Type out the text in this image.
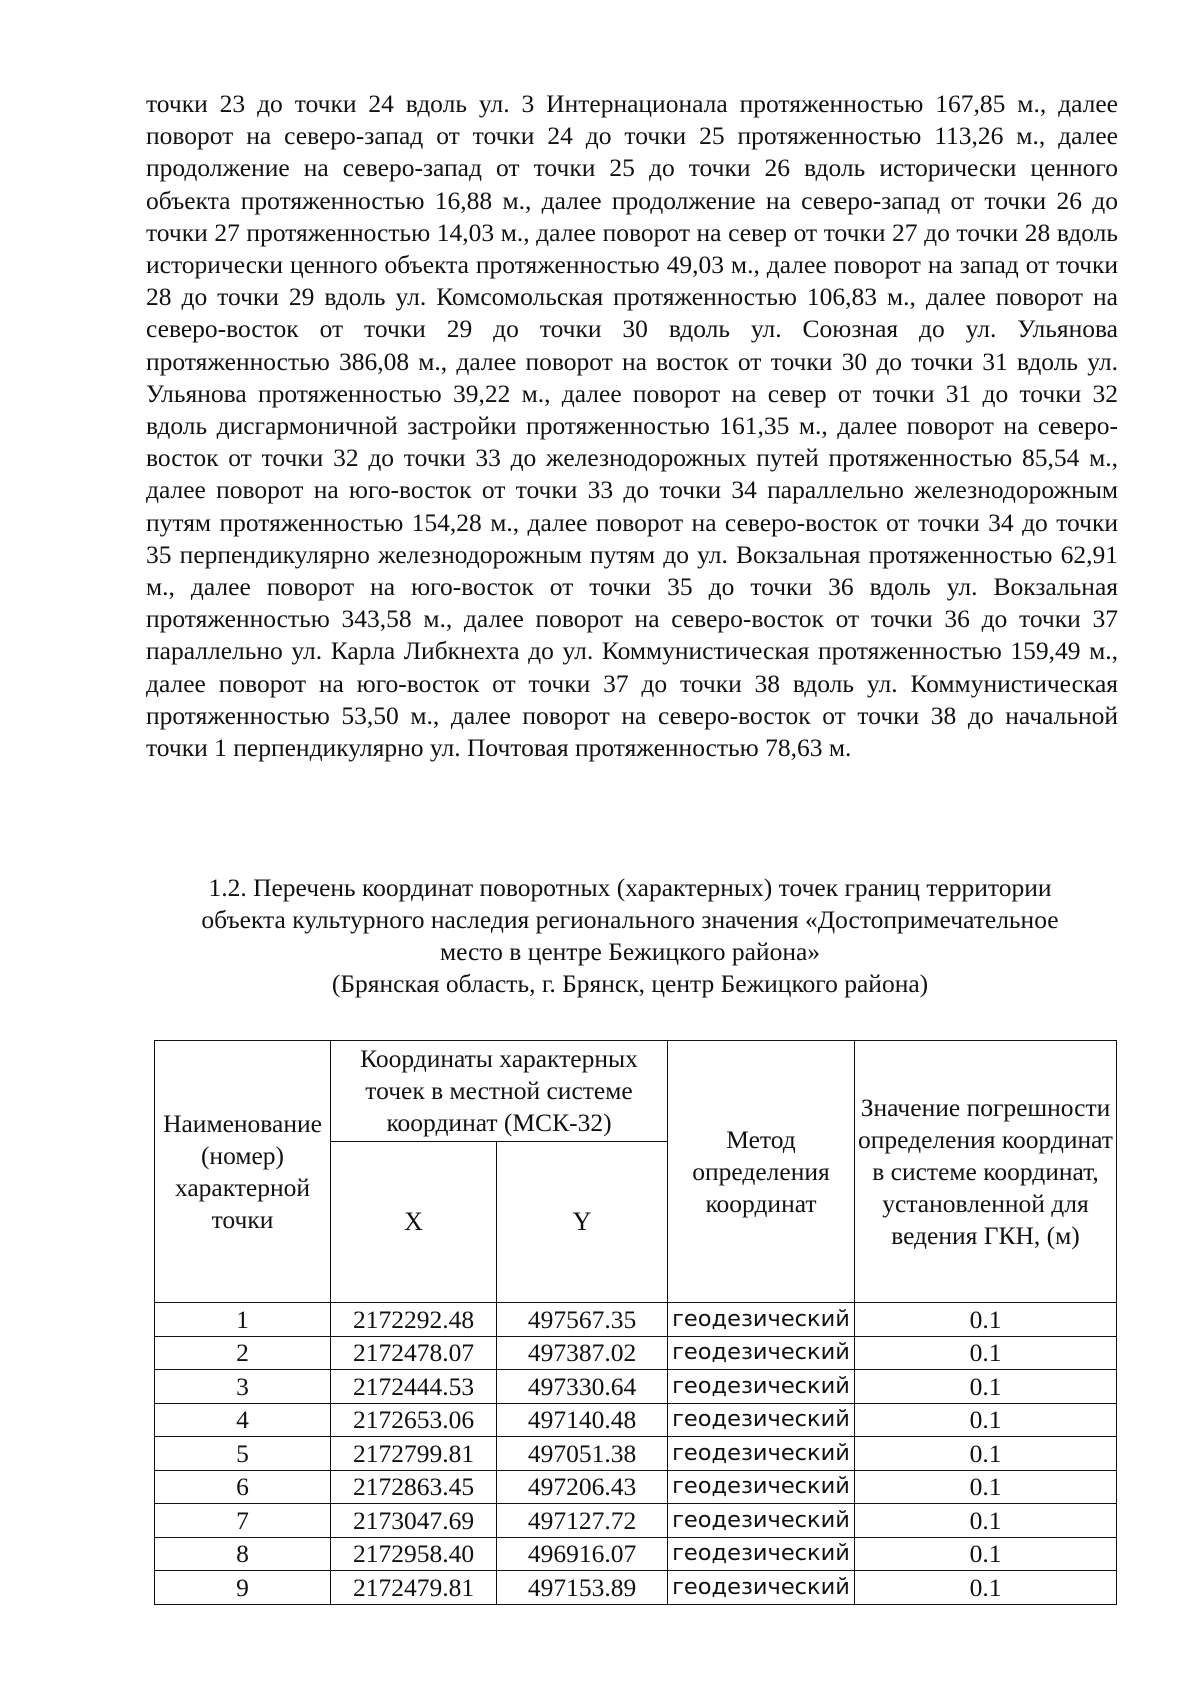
точки 23 до точки 24 вдоль ул. 3 Интернационала протяженностью 167,85 м., далее поворот на северо-запад от точки 24 до точки 25 протяженностью 113,26 м., далее продолжение на северо-запад от точки 25 до точки 26 вдоль исторически ценного объекта протяженностью 16,88 м., далее продолжение на северо-запад от точки 26 до точки 27 протяженностью 14,03 м., далее поворот на север от точки 27 до точки 28 вдоль исторически ценного объекта протяженностью 49,03 м., далее поворот на запад от точки 28 до точки 29 вдоль ул. Комсомольская протяженностью 106,83 м., далее поворот на северо-восток от точки 29 до точки 30 вдоль ул. Союзная до ул. Ульянова протяженностью 386,08 м., далее поворот на восток от точки 30 до точки 31 вдоль ул. Ульянова протяженностью 39,22 м., далее поворот на север от точки 31 до точки 32 вдоль дисгармоничной застройки протяженностью 161,35 м., далее поворот на северо-восток от точки 32 до точки 33 до железнодорожных путей протяженностью 85,54 м., далее поворот на юго-восток от точки 33 до точки 34 параллельно железнодорожным путям протяженностью 154,28 м., далее поворот на северо-восток от точки 34 до точки 35 перпендикулярно железнодорожным путям до ул. Вокзальная протяженностью 62,91 м., далее поворот на юго-восток от точки 35 до точки 36 вдоль ул. Вокзальная протяженностью 343,58 м., далее поворот на северо-восток от точки 36 до точки 37 параллельно ул. Карла Либкнехта до ул. Коммунистическая протяженностью 159,49 м., далее поворот на юго-восток от точки 37 до точки 38 вдоль ул. Коммунистическая протяженностью 53,50 м., далее поворот на северо-восток от точки 38 до начальной точки 1 перпендикулярно ул. Почтовая протяженностью 78,63 м.

1.2. Перечень координат поворотных (характерных) точек границ территории
объекта культурного наследия регионального значения «Достопримечательное
место в центре Бежицкого района»
(Брянская область, г. Брянск, центр Бежицкого района)
Наименование (номер) характерной точки	Координаты характерных точек в местной системе координат (МСК-32)		Метод определения координат	Значение погрешности определения координат в системе координат, установленной для ведения ГКН, (м)
	X	Y		
1	2172292.48	497567.35	геодезический	0.1
2	2172478.07	497387.02	геодезический	0.1
3	2172444.53	497330.64	геодезический	0.1
4	2172653.06	497140.48	геодезический	0.1
5	2172799.81	497051.38	геодезический	0.1
6	2172863.45	497206.43	геодезический	0.1
7	2173047.69	497127.72	геодезический	0.1
8	2172958.40	496916.07	геодезический	0.1
9	2172479.81	497153.89	геодезический	0.1
